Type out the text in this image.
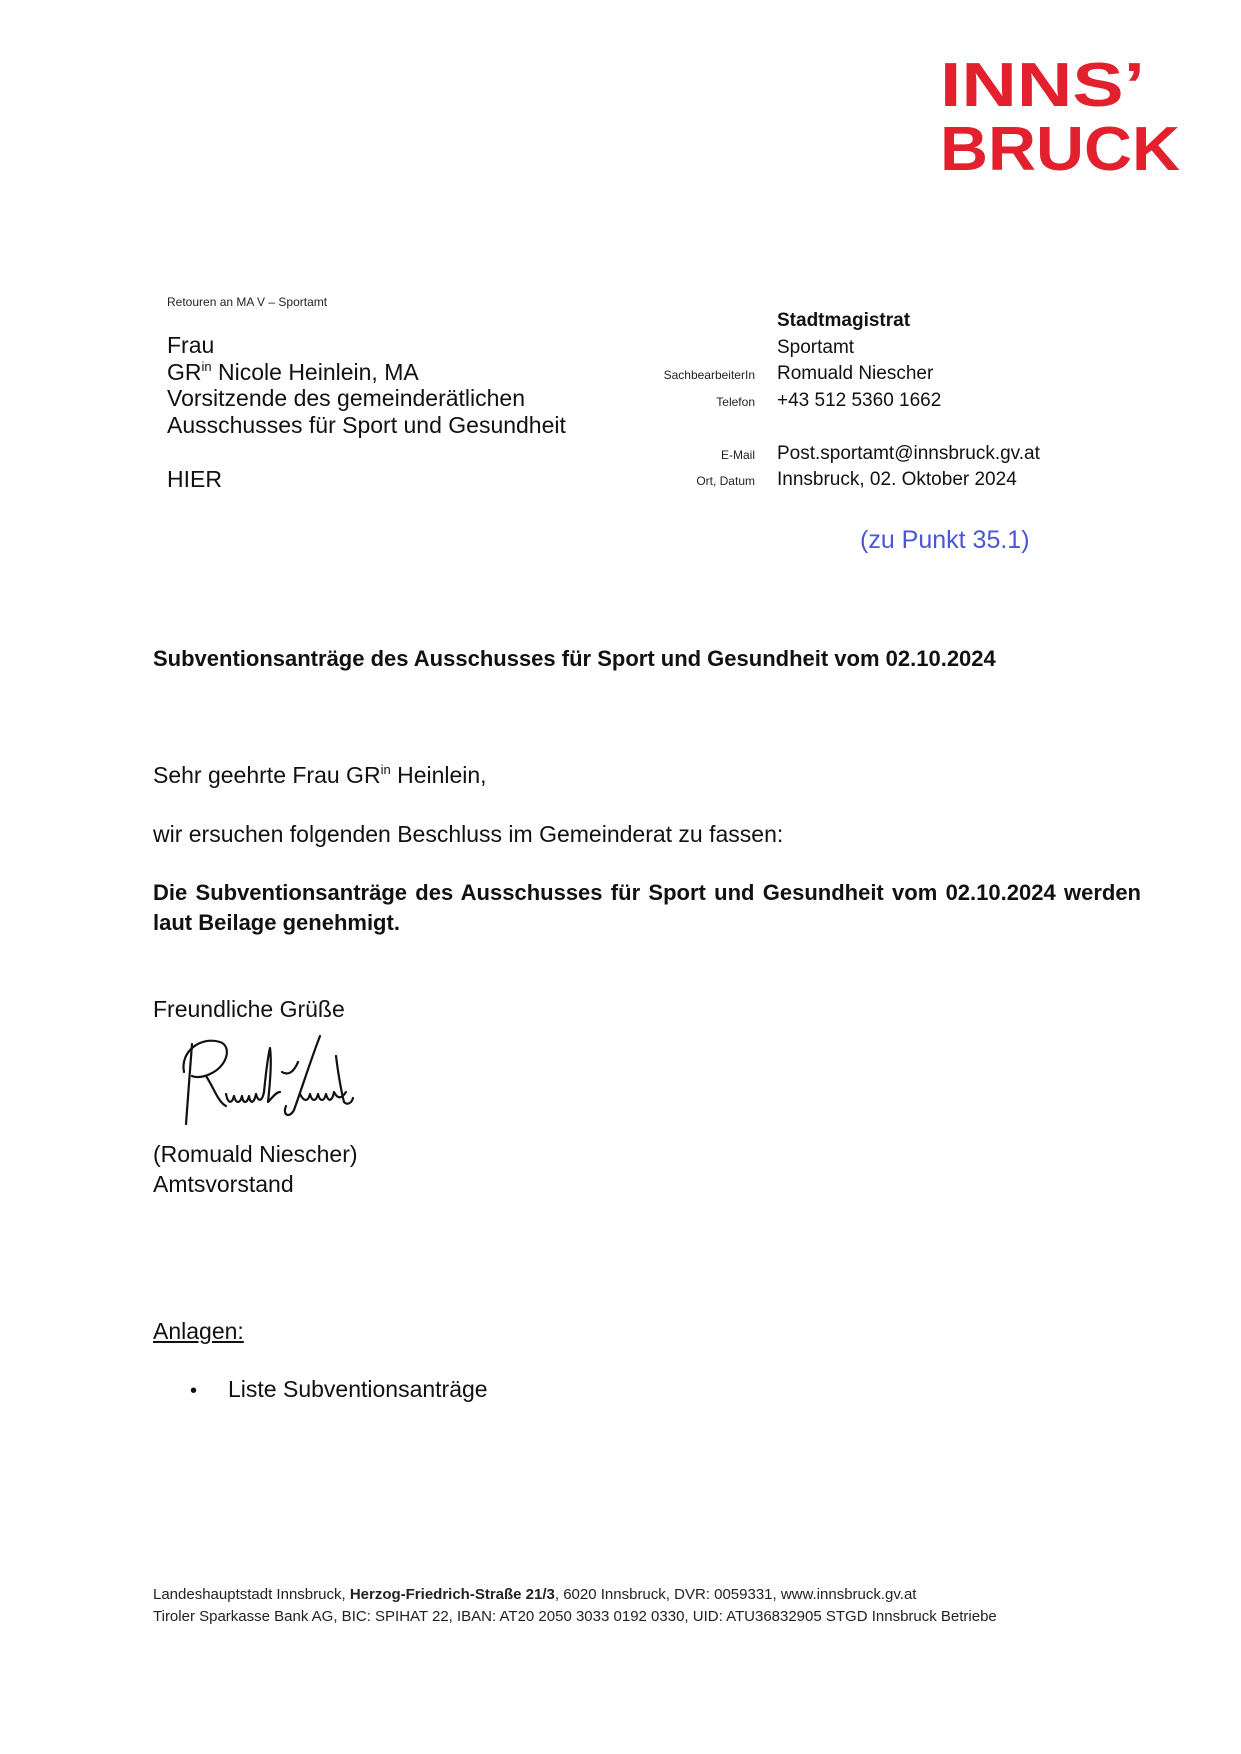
INNS’
BRUCK
Retouren an MA V – Sportamt
Frau
$GR^{in}$ Nicole Heinlein, MA
Vorsitzende des gemeinderätlichen
Ausschusses für Sport und Gesundheit
HIER
Stadtmagistrat
Sportamt
SachbearbeiterIn	Romuald Niescher
Telefon	+43 512 5360 1662
E-Mail	Post.sportamt@innsbruck.gv.at
Ort, Datum	Innsbruck, 02. Oktober 2024
(zu Punkt 35.1)
Subventionsanträge des Ausschusses für Sport und Gesundheit vom 02.10.2024
Sehr geehrte Frau $GR^{in}$ Heinlein,
wir ersuchen folgenden Beschluss im Gemeinderat zu fassen:
Die Subventionsanträge des Ausschusses für Sport und Gesundheit vom 02.10.2024 werden laut Beilage genehmigt.
Freundliche Grüße
(Romuald Niescher)
Amtsvorstand
Anlagen:
•	Liste Subventionsanträge
Landeshauptstadt Innsbruck, Herzog-Friedrich-Straße 21/3, 6020 Innsbruck, DVR: 0059331, www.innsbruck.gv.at
Tiroler Sparkasse Bank AG, BIC: SPIHAT 22, IBAN: AT20 2050 3033 0192 0330, UID: ATU36832905 STGD Innsbruck Betriebe
